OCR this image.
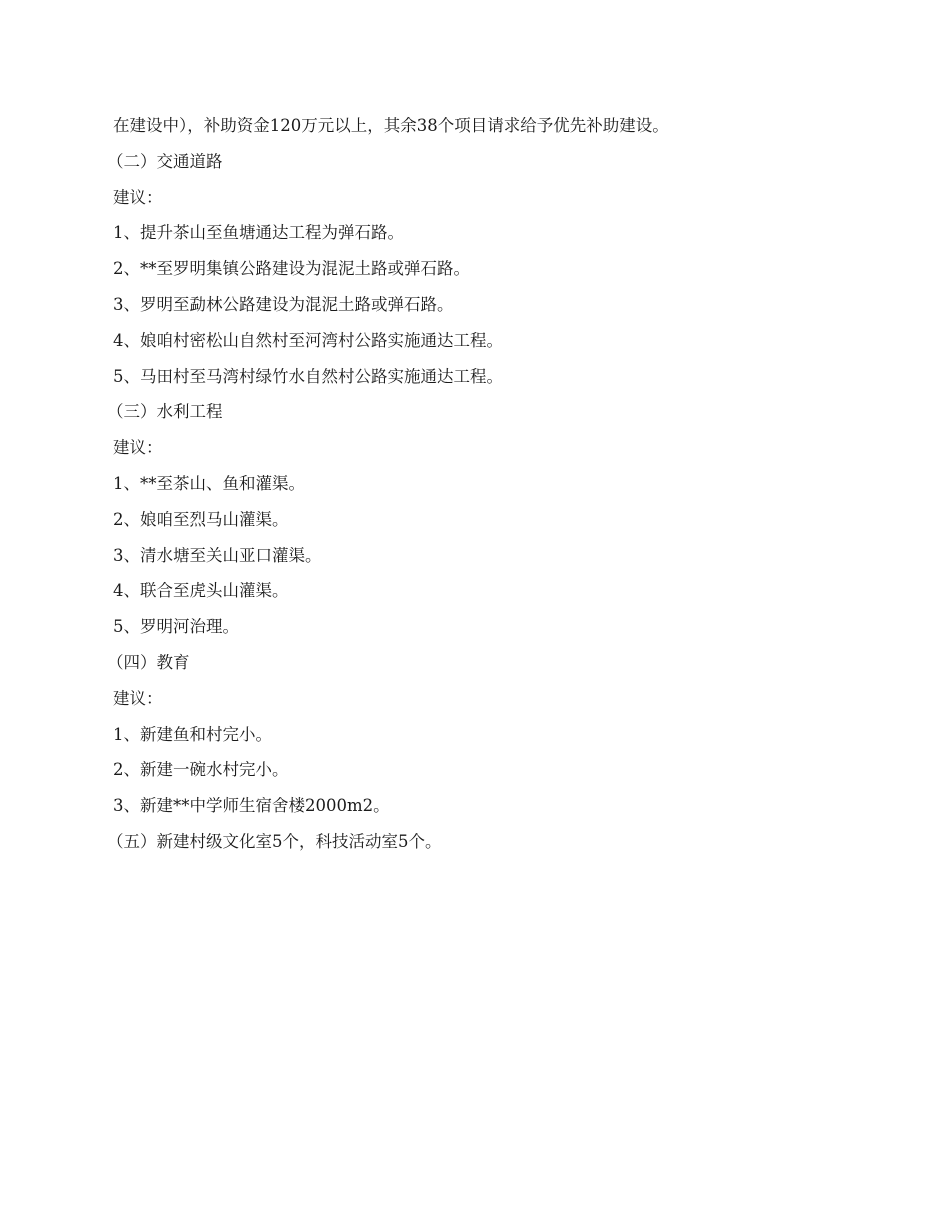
在建设中），补助资金120万元以上，其余38个项目请求给予优先补助建设。

（二）交通道路

建议：

1、提升茶山至鱼塘通达工程为弹石路。

2、**至罗明集镇公路建设为混泥土路或弹石路。

3、罗明至勐林公路建设为混泥土路或弹石路。

4、娘咱村密松山自然村至河湾村公路实施通达工程。

5、马田村至马湾村绿竹水自然村公路实施通达工程。

（三）水利工程

建议：

1、**至茶山、鱼和灌渠。

2、娘咱至烈马山灌渠。

3、清水塘至关山亚口灌渠。

4、联合至虎头山灌渠。

5、罗明河治理。

（四）教育

建议：

1、新建鱼和村完小。

2、新建一碗水村完小。

3、新建**中学师生宿舍楼2000m2。

（五）新建村级文化室5个，科技活动室5个。
